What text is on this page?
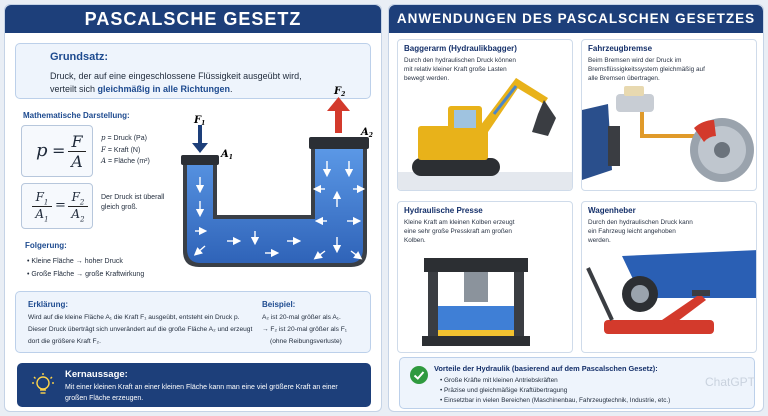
PASCALSCHE GESETZ
Grundsatz:
Druck, der auf eine eingeschlossene Flüssigkeit ausgeübt wird,
verteilt sich gleichmäßig in alle Richtungen.
Mathematische Darstellung:
p = F
A
$F_1$
$A_1$
=
$F_2$
$A_2$
p = Druck (Pa)
F = Kraft (N)
A = Fläche (m²)
Der Druck ist überall gleich groß.
$F_1$
$A_1$
$F_2$
$A_2$
Folgerung:
• Kleine Fläche → hoher Druck
• Große Fläche → große Kraftwirkung
Erklärung:
Wird auf die kleine Fläche A₁ die Kraft F₁ ausgeübt, entsteht ein Druck p. Dieser Druck überträgt sich unverändert auf die große Fläche A₂ und erzeugt dort die größere Kraft F₂.
Beispiel:
A₂ ist 20-mal größer als A₁.
→ F₂ ist 20-mal größer als F₁
(ohne Reibungsverluste)
Kernaussage:
Mit einer kleinen Kraft an einer kleinen Fläche kann man eine viel größere Kraft an einer großen Fläche erzeugen.
ANWENDUNGEN DES PASCALSCHEN GESETZES
Baggerarm (Hydraulikbagger)
Durch den hydraulischen Druck können mit relativ kleiner Kraft große Lasten bewegt werden.
Fahrzeugbremse
Beim Bremsen wird der Druck im Bremsflüssigkeitssystem gleichmäßig auf alle Bremsen übertragen.
Hydraulische Presse
Kleine Kraft am kleinen Kolben erzeugt eine sehr große Presskraft am großen Kolben.
Wagenheber
Durch den hydraulischen Druck kann ein Fahrzeug leicht angehoben werden.
Vorteile der Hydraulik (basierend auf dem Pascalschen Gesetz):
• Große Kräfte mit kleinen Antriebskräften
• Präzise und gleichmäßige Kraftübertragung
• Einsetzbar in vielen Bereichen (Maschinenbau, Fahrzeugtechnik, Industrie, etc.)
ChatGPT
